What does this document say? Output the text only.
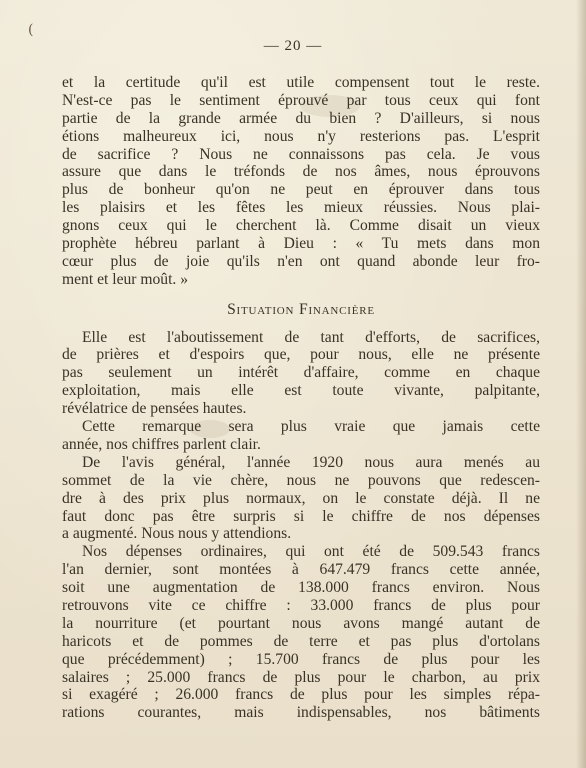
(
— 20 —
et la certitude qu'il est utile compensent tout le reste.
N'est-ce pas le sentiment éprouvé par tous ceux qui font
partie de la grande armée du bien ? D'ailleurs, si nous
étions malheureux ici, nous n'y resterions pas. L'esprit
de sacrifice ? Nous ne connaissons pas cela. Je vous
assure que dans le tréfonds de nos âmes, nous éprouvons
plus de bonheur qu'on ne peut en éprouver dans tous
les plaisirs et les fêtes les mieux réussies. Nous plai-
gnons ceux qui le cherchent là. Comme disait un vieux
prophète hébreu parlant à Dieu : « Tu mets dans mon
cœur plus de joie qu'ils n'en ont quand abonde leur fro-
ment et leur moût. »
Situation Financière
Elle est l'aboutissement de tant d'efforts, de sacrifices,
de prières et d'espoirs que, pour nous, elle ne présente
pas seulement un intérêt d'affaire, comme en chaque
exploitation, mais elle est toute vivante, palpitante,
révélatrice de pensées hautes.
Cette remarque sera plus vraie que jamais cette
année, nos chiffres parlent clair.
De l'avis général, l'année 1920 nous aura menés au
sommet de la vie chère, nous ne pouvons que redescen-
dre à des prix plus normaux, on le constate déjà. Il ne
faut donc pas être surpris si le chiffre de nos dépenses
a augmenté. Nous nous y attendions.
Nos dépenses ordinaires, qui ont été de 509.543 francs
l'an dernier, sont montées à 647.479 francs cette année,
soit une augmentation de 138.000 francs environ. Nous
retrouvons vite ce chiffre : 33.000 francs de plus pour
la nourriture (et pourtant nous avons mangé autant de
haricots et de pommes de terre et pas plus d'ortolans
que précédemment) ; 15.700 francs de plus pour les
salaires ; 25.000 francs de plus pour le charbon, au prix
si exagéré ; 26.000 francs de plus pour les simples répa-
rations courantes, mais indispensables, nos bâtiments
